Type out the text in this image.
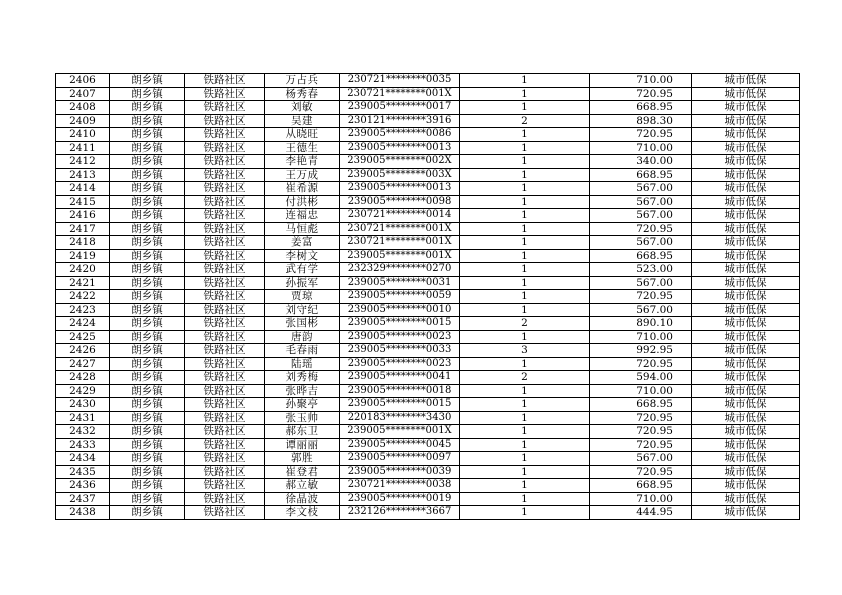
2406	朗乡镇	铁路社区	万占兵	230721********0035	1	710.00	城市低保
2407	朗乡镇	铁路社区	杨秀春	230721********001X	1	720.95	城市低保
2408	朗乡镇	铁路社区	刘敏	239005********0017	1	668.95	城市低保
2409	朗乡镇	铁路社区	吴建	230121********3916	2	898.30	城市低保
2410	朗乡镇	铁路社区	从晓旺	239005********0086	1	720.95	城市低保
2411	朗乡镇	铁路社区	王德生	239005********0013	1	710.00	城市低保
2412	朗乡镇	铁路社区	李艳青	239005********002X	1	340.00	城市低保
2413	朗乡镇	铁路社区	王万成	239005********003X	1	668.95	城市低保
2414	朗乡镇	铁路社区	崔希源	239005********0013	1	567.00	城市低保
2415	朗乡镇	铁路社区	付洪彬	239005********0098	1	567.00	城市低保
2416	朗乡镇	铁路社区	连福忠	230721********0014	1	567.00	城市低保
2417	朗乡镇	铁路社区	马恒彪	230721********001X	1	720.95	城市低保
2418	朗乡镇	铁路社区	姜富	230721********001X	1	567.00	城市低保
2419	朗乡镇	铁路社区	李树文	239005********001X	1	668.95	城市低保
2420	朗乡镇	铁路社区	武有学	232329********0270	1	523.00	城市低保
2421	朗乡镇	铁路社区	孙振军	239005********0031	1	567.00	城市低保
2422	朗乡镇	铁路社区	贾琼	239005********0059	1	720.95	城市低保
2423	朗乡镇	铁路社区	刘守纪	239005********0010	1	567.00	城市低保
2424	朗乡镇	铁路社区	张国彬	239005********0015	2	890.10	城市低保
2425	朗乡镇	铁路社区	唐韵	239005********0023	1	710.00	城市低保
2426	朗乡镇	铁路社区	毛春雨	239005********0033	3	992.95	城市低保
2427	朗乡镇	铁路社区	陆瑶	239005********0023	1	720.95	城市低保
2428	朗乡镇	铁路社区	刘秀梅	239005********0041	2	594.00	城市低保
2429	朗乡镇	铁路社区	张晔吉	239005********0018	1	710.00	城市低保
2430	朗乡镇	铁路社区	孙聚亭	239005********0015	1	668.95	城市低保
2431	朗乡镇	铁路社区	张玉帅	220183********3430	1	720.95	城市低保
2432	朗乡镇	铁路社区	郝东卫	239005********001X	1	720.95	城市低保
2433	朗乡镇	铁路社区	谭丽丽	239005********0045	1	720.95	城市低保
2434	朗乡镇	铁路社区	郭胜	239005********0097	1	567.00	城市低保
2435	朗乡镇	铁路社区	崔登君	239005********0039	1	720.95	城市低保
2436	朗乡镇	铁路社区	郝立敏	230721********0038	1	668.95	城市低保
2437	朗乡镇	铁路社区	徐晶波	239005********0019	1	710.00	城市低保
2438	朗乡镇	铁路社区	李文枝	232126********3667	1	444.95	城市低保
